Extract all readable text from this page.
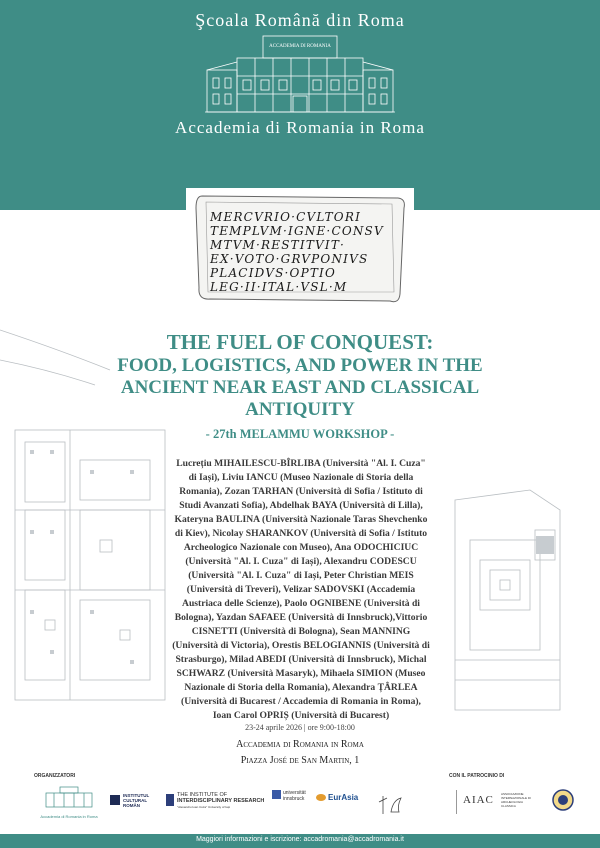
Şcoala Română din Roma
ACCADEMIA DI ROMANIA
Accademia di Romania in Roma
MERCVRIO·CVLTORI
TEMPLVM·IGNE·CONSV
MTVM·RESTITVIT·
EX·VOTO·GRVPONIVS
PLACIDVS·OPTIO
LEG·II·ITAL·VSL·M
THE FUEL OF CONQUEST:
FOOD, LOGISTICS, AND POWER IN THE
ANCIENT NEAR EAST AND CLASSICAL
ANTIQUITY
- 27th MELAMMU WORKSHOP -
Lucrețiu MIHAILESCU-BÎRLIBA (Università "Al. I. Cuza" di Iași), Liviu IANCU (Museo Nazionale di Storia della Romania), Zozan TARHAN (Università di Sofia / Istituto di Studi Avanzati Sofia), Abdelhak BAYA (Università di Lilla), Kateryna BAULINA (Università Nazionale Taras Shevchenko di Kiev), Nicolay SHARANKOV (Università di Sofia / Istituto Archeologico Nazionale con Museo), Ana ODOCHICIUC (Università "Al. I. Cuza" di Iași), Alexandru CODESCU (Università "Al. I. Cuza" di Iași, Peter Christian MEIS (Università di Treveri), Velizar SADOVSKI (Accademia Austriaca delle Scienze), Paolo OGNIBENE (Università di Bologna), Yazdan SAFAEE (Università di Innsbruck),Vittorio CISNETTI (Università di Bologna), Sean MANNING (Università di Victoria), Orestis BELOGIANNIS (Università di Strasburgo), Milad ABEDI (Università di Innsbruck), Michal SCHWARZ (Università Masaryk), Mihaela SIMION (Museo Nazionale di Storia della Romania), Alexandra ȚÂRLEA (Università di Bucarest / Accademia di Romania in Roma), Ioan Carol OPRIȘ (Università di Bucarest)
23-24 aprile 2026 | ore 9:00-18:00
Accademia di Romania in Roma
Piazza José de San Martin, 1
ORGANIZZATORI	CON IL PATROCINIO DI
Accademia di Romania in Roma
INSTITUTUL CULTURAL ROMÂN
THE INSTITUTE OF
INTERDISCIPLINARY RESEARCH
"Alexandru Ioan Cuza" University of Iași
universität
innsbruck	EurAsia	AIAC ASSOCIAZIONE INTERNAZIONALE DI ARCHEOLOGIA CLASSICA
Maggiori informazioni e iscrizione: accadromania@accadromania.it
